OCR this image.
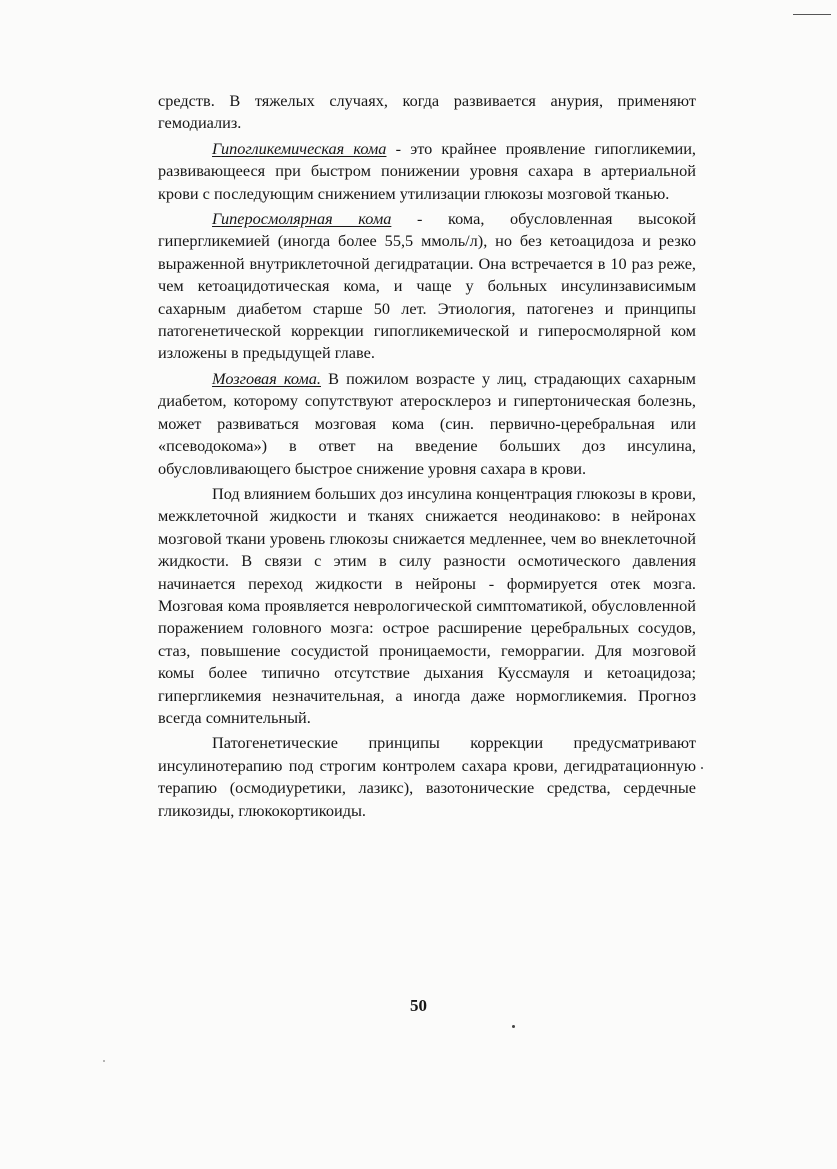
средств. В тяжелых случаях, когда развивается анурия, применяют гемодиализ.

Гипогликемическая кома - это крайнее проявление гипогликемии, развивающееся при быстром понижении уровня сахара в артериальной крови с последующим снижением утилизации глюкозы мозговой тканью.

Гиперосмолярная кома - кома, обусловленная высокой гипергликемией (иногда более 55,5 ммоль/л), но без кетоацидоза и резко выраженной внутриклеточной дегидратации. Она встречается в 10 раз реже, чем кетоацидотическая кома, и чаще у больных инсулинзависимым сахарным диабетом старше 50 лет. Этиология, патогенез и принципы патогенетической коррекции гипогликемической и гиперосмолярной ком изложены в предыдущей главе.

Мозговая кома. В пожилом возрасте у лиц, страдающих сахарным диабетом, которому сопутствуют атеросклероз и гипертоническая болезнь, может развиваться мозговая кома (син. первично-церебральная или «псеводокома») в ответ на введение больших доз инсулина, обусловливающего быстрое снижение уровня сахара в крови.

Под влиянием больших доз инсулина концентрация глюкозы в крови, межклеточной жидкости и тканях снижается неодинаково: в нейронах мозговой ткани уровень глюкозы снижается медленнее, чем во внеклеточной жидкости. В связи с этим в силу разности осмотического давления начинается переход жидкости в нейроны - формируется отек мозга. Мозговая кома проявляется неврологической симптоматикой, обусловленной поражением головного мозга: острое расширение церебральных сосудов, стаз, повышение сосудистой проницаемости, геморрагии. Для мозговой комы более типично отсутствие дыхания Куссмауля и кетоацидоза; гипергликемия незначительная, а иногда даже нормогликемия. Прогноз всегда сомнительный.

Патогенетические принципы коррекции предусматривают инсулинотерапию под строгим контролем сахара крови, дегидратационную терапию (осмодиуретики, лазикс), вазотонические средства, сердечные гликозиды, глюкокортикоиды.

50
